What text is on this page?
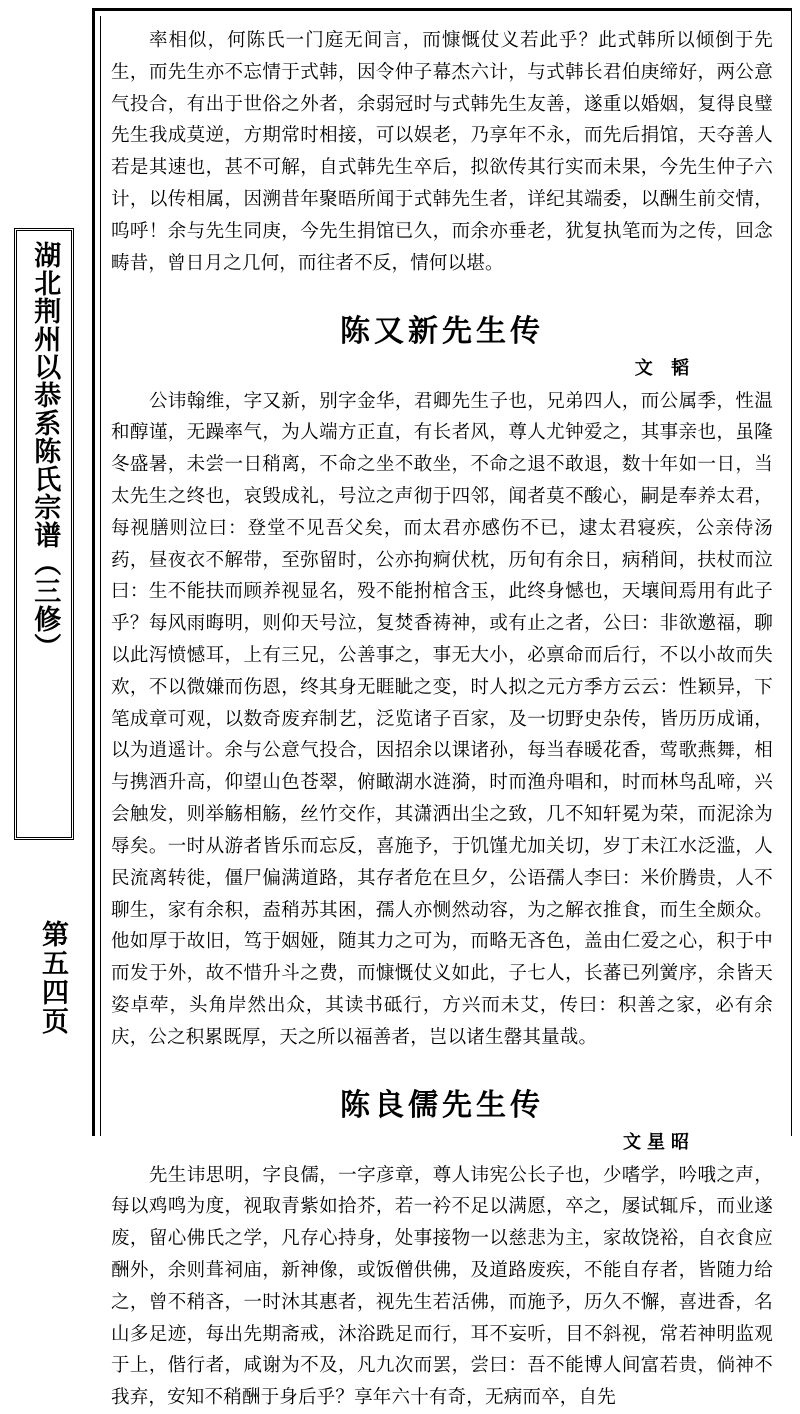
湖北荆州以恭系陈氏宗谱（三修）
第五四页

率相似，何陈氏一门庭无间言，而慷慨仗义若此乎？此式韩所以倾倒于先生，而先生亦不忘情于式韩，因令仲子幕杰六计，与式韩长君伯庚缔好，两公意气投合，有出于世俗之外者，余弱冠时与式韩先生友善，遂重以婚姻，复得良璧先生我成莫逆，方期常时相接，可以娱老，乃享年不永，而先后捐馆，天夺善人若是其速也，甚不可解，自式韩先生卒后，拟欲传其行实而未果，今先生仲子六计，以传相属，因溯昔年聚晤所闻于式韩先生者，详纪其端委，以酬生前交情，呜呼！余与先生同庚，今先生捐馆已久，而余亦垂老，犹复执笔而为之传，回念畴昔，曾日月之几何，而往者不反，情何以堪。

陈又新先生传
文 韬

公讳翰维，字又新，别字金华，君卿先生子也，兄弟四人，而公属季，性温和醇谨，无躁率气，为人端方正直，有长者风，尊人尤钟爱之，其事亲也，虽隆冬盛暑，未尝一日稍离，不命之坐不敢坐，不命之退不敢退，数十年如一日，当太先生之终也，哀毁成礼，号泣之声彻于四邻，闻者莫不酸心，嗣是奉养太君，每视膳则泣曰：登堂不见吾父矣，而太君亦感伤不已，逮太君寝疾，公亲侍汤药，昼夜衣不解带，至弥留时，公亦拘痾伏枕，历旬有余日，病稍间，扶杖而泣曰：生不能扶而顾养视显名，殁不能拊棺含玉，此终身憾也，天壤间焉用有此子乎？每风雨晦明，则仰天号泣，复焚香祷神，或有止之者，公曰：非欲邀福，聊以此泻愤憾耳，上有三兄，公善事之，事无大小，必禀命而后行，不以小故而失欢，不以微嫌而伤恩，终其身无睚眦之变，时人拟之元方季方云云：性颖异，下笔成章可观，以数奇废弃制艺，泛览诸子百家，及一切野史杂传，皆历历成诵，以为逍遥计。余与公意气投合，因招余以课诸孙，每当春暖花香，莺歌燕舞，相与携酒升高，仰望山色苍翠，俯瞰湖水涟漪，时而渔舟唱和，时而林鸟乱啼，兴会触发，则举觞相觞，丝竹交作，其潇洒出尘之致，几不知轩冕为荣，而泥涂为辱矣。一时从游者皆乐而忘反，喜施予，于饥馑尤加关切，岁丁未江水泛滥，人民流离转徙，僵尸偏满道路，其存者危在旦夕，公语孺人李曰：米价腾贵，人不聊生，家有余积，盍稍苏其困，孺人亦恻然动容，为之解衣推食，而生全颇众。他如厚于故旧，笃于姻娅，随其力之可为，而略无吝色，盖由仁爱之心，积于中而发于外，故不惜升斗之费，而慷慨仗义如此，子七人，长蕃已列黉序，余皆天姿卓荦，头角岸然出众，其读书砥行，方兴而未艾，传曰：积善之家，必有余庆，公之积累既厚，天之所以福善者，岂以诸生罄其量哉。

陈良儒先生传
文星昭

先生讳思明，字良儒，一字彦章，尊人讳宪公长子也，少嗜学，吟哦之声，每以鸡鸣为度，视取青紫如拾芥，若一衿不足以满愿，卒之，屡试辄斥，而业遂废，留心佛氏之学，凡存心持身，处事接物一以慈悲为主，家故饶裕，自衣食应酬外，余则葺祠庙，新神像，或饭僧供佛，及道路废疾，不能自存者，皆随力给之，曾不稍吝，一时沐其惠者，视先生若活佛，而施予，历久不懈，喜进香，名山多足迹，每出先期斋戒，沐浴跣足而行，耳不妄听，目不斜视，常若神明监观于上，偕行者，咸谢为不及，凡九次而罢，尝曰：吾不能博人间富若贵，倘神不我弃，安知不稍酬于身后乎？享年六十有奇，无病而卒，自先
